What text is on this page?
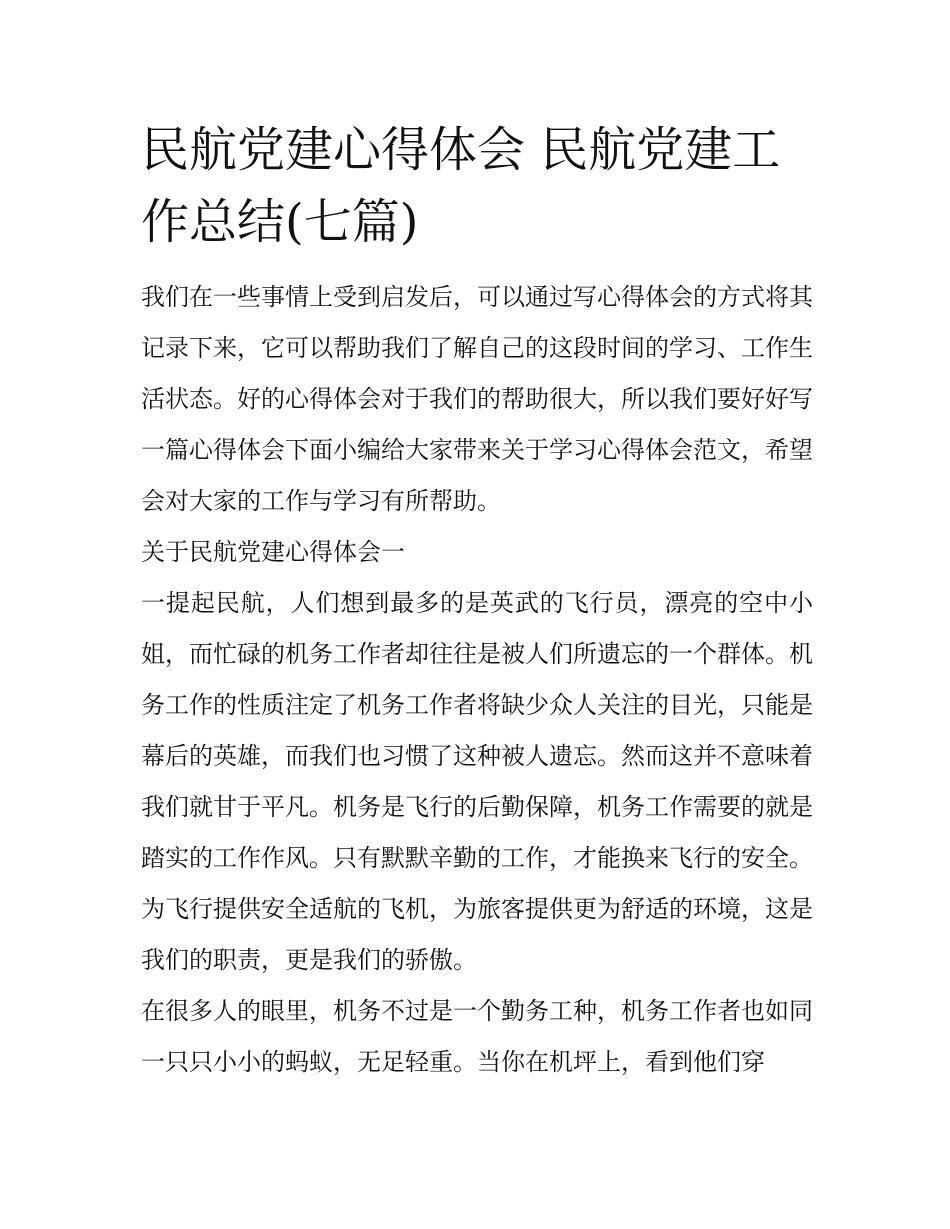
民航党建心得体会 民航党建工作总结(七篇)

我们在一些事情上受到启发后，可以通过写心得体会的方式将其记录下来，它可以帮助我们了解自己的这段时间的学习、工作生活状态。好的心得体会对于我们的帮助很大，所以我们要好好写一篇心得体会下面小编给大家带来关于学习心得体会范文，希望会对大家的工作与学习有所帮助。

关于民航党建心得体会一

一提起民航，人们想到最多的是英武的飞行员，漂亮的空中小姐，而忙碌的机务工作者却往往是被人们所遗忘的一个群体。机务工作的性质注定了机务工作者将缺少众人关注的目光，只能是幕后的英雄，而我们也习惯了这种被人遗忘。然而这并不意味着我们就甘于平凡。机务是飞行的后勤保障，机务工作需要的就是踏实的工作作风。只有默默辛勤的工作，才能换来飞行的安全。为飞行提供安全适航的飞机，为旅客提供更为舒适的环境，这是我们的职责，更是我们的骄傲。

在很多人的眼里，机务不过是一个勤务工种，机务工作者也如同一只只小小的蚂蚁，无足轻重。当你在机坪上，看到他们穿
